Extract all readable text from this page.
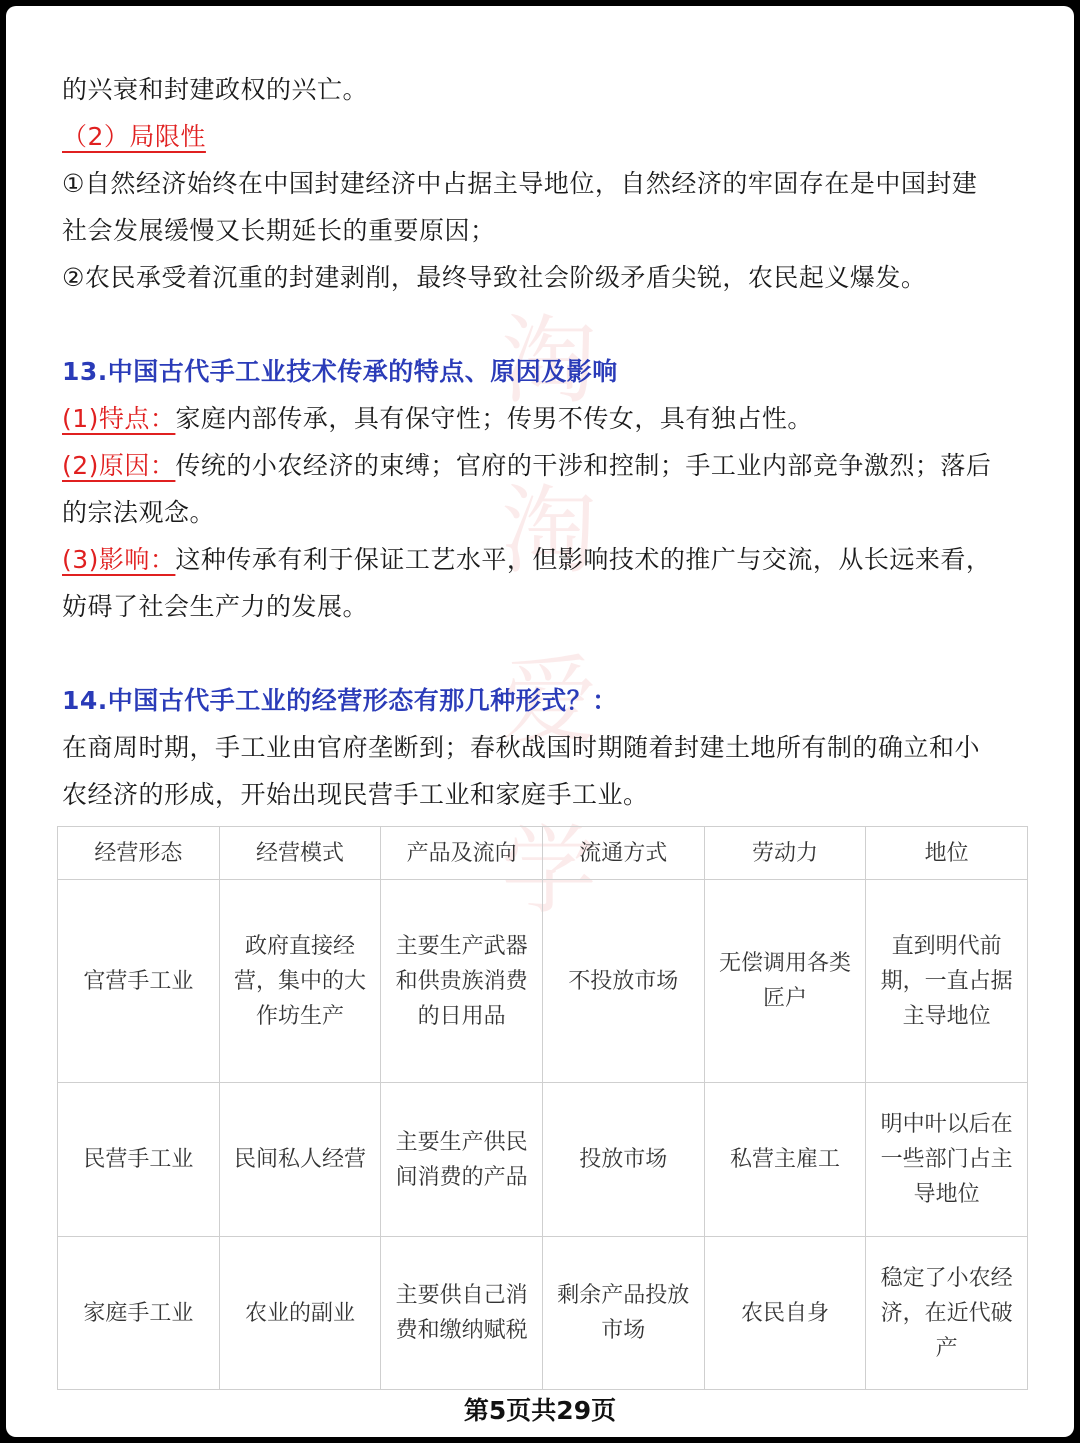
淘
淘
爱
学

的兴衰和封建政权的兴亡。

（2）局限性

①自然经济始终在中国封建经济中占据主导地位，自然经济的牢固存在是中国封建

社会发展缓慢又长期延长的重要原因；

②农民承受着沉重的封建剥削，最终导致社会阶级矛盾尖锐，农民起义爆发。

13.中国古代手工业技术传承的特点、原因及影响

(1)特点：家庭内部传承，具有保守性；传男不传女，具有独占性。

(2)原因：传统的小农经济的束缚；官府的干涉和控制；手工业内部竞争激烈；落后

的宗法观念。

(3)影响：这种传承有利于保证工艺水平，但影响技术的推广与交流，从长远来看，

妨碍了社会生产力的发展。

14.中国古代手工业的经营形态有那几种形式？：

在商周时期，手工业由官府垄断到；春秋战国时期随着封建土地所有制的确立和小

农经济的形成，开始出现民营手工业和家庭手工业。

经营形态	经营模式	产品及流向	流通方式	劳动力	地位
官营手工业	政府直接经营，集中的大作坊生产	主要生产武器和供贵族消费的日用品	不投放市场	无偿调用各类匠户	直到明代前期，一直占据主导地位
民营手工业	民间私人经营	主要生产供民间消费的产品	投放市场	私营主雇工	明中叶以后在一些部门占主导地位
家庭手工业	农业的副业	主要供自己消费和缴纳赋税	剩余产品投放市场	农民自身	稳定了小农经济，在近代破产
第5页共29页
